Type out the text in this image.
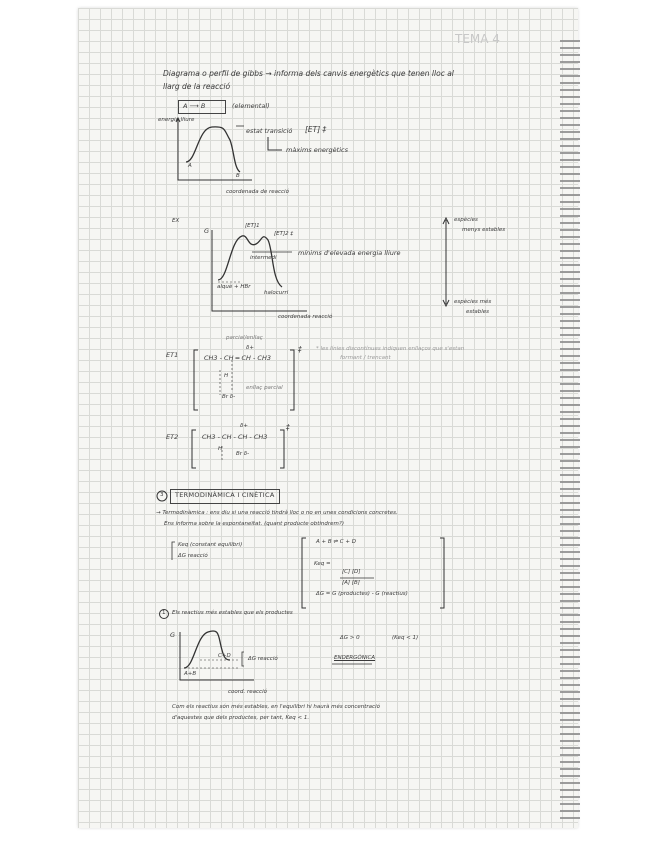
TEMA 4
Diagrama o perfil de gibbs → informa dels canvis energètics que tenen lloc al
llarg de la reacció
A ⟶ B	(elemental)
energia lliure
A
B
coordenada de reacció
estat transició [ET] ‡
màxims energètics
EX
G
[ET]1
[ET]2 ‡
intermedi
alquè + HBr
halocurri
coordenada reacció
mínims d'elevada energia lliure
espècies
menys estables
espècies més
estables
ET1
parcial/enllaç
δ+
CH3 - CH ═ CH - CH3
H
Br δ-
enllaç parcial
‡	* les línies discontínues indiquen enllaços que s'estan
formant / trencant
ET2
δ+
CH3 - CH - CH - CH3
H
Br δ-
‡
3 TERMODINÀMICA I CINÈTICA
→ Termodinàmica : ens diu si una reacció tindrà lloc o no en unes condicions concretes.
Ens informa sobre la espontaneïtat. (quant producte obtindrem?)
Keq (constant equilibri)
ΔG reacció
A + B ⇌ C + D
Keq =
[C] [D]
[A] [B]
ΔG = G (productes) - G (reactius)
1 Els reactius més estables que els productes
G
A+B
C+D	ΔG reacció
coord. reacció
ΔG > 0	(Keq < 1)
ENDERGÒNICA
Com els reactius són més estables, en l'equilibri hi haurà més concentració
d'aquestes que dels productes, per tant, Keq < 1.
